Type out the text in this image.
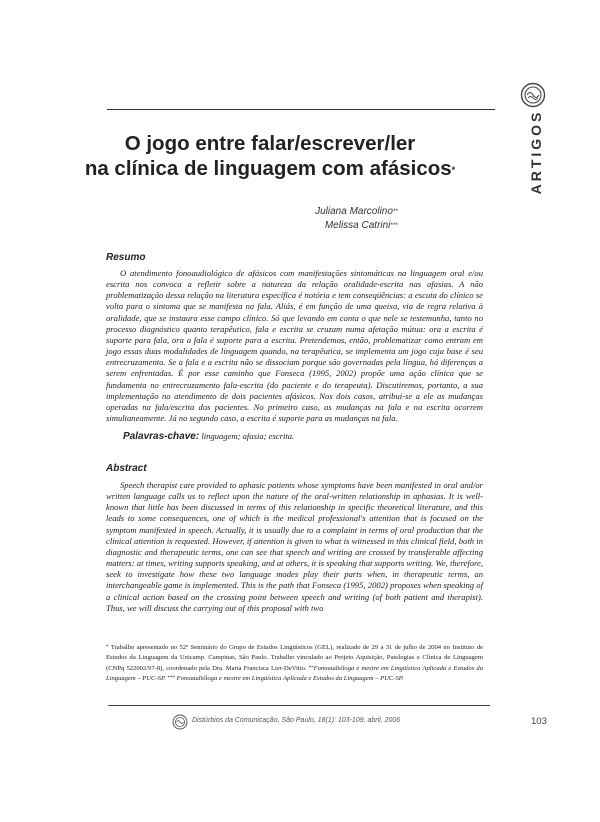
ARTIGOS
O jogo entre falar/escrever/ler
na clínica de linguagem com afásicos*
Juliana Marcolino**
Melissa Catrini***
Resumo

O atendimento fonoaudiológico de afásicos com manifestações sintomáticas na linguagem oral e/ou escrita nos convoca a refletir sobre a natureza da relação oralidade-escrita nas afasias. A não problematização dessa relação na literatura específica é notória e tem conseqüências: a escuta do clínico se volta para o sintoma que se manifesta na fala. Aliás, é em função de uma queixa, via de regra relativa à oralidade, que se instaura esse campo clínico. Só que levando em conta o que nele se testemunha, tanto no processo diagnóstico quanto terapêutico, fala e escrita se cruzam numa afetação mútua: ora a escrita é suporte para fala, ora a fala é suporte para a escrita. Pretendemos, então, problematizar como entram em jogo essas duas modalidades de linguagem quando, na terapêutica, se implementa um jogo cuja base é seu entrecruzamento. Se a fala e a escrita não se dissociam porque são governadas pela língua, há diferenças a serem enfrentadas. É por esse caminho que Fonseca (1995, 2002) propõe uma ação clínica que se fundamenta no entrecruzamento fala-escrita (do paciente e do terapeuta). Discutiremos, portanto, a sua implementação no atendimento de dois pacientes afásicos. Nos dois casos, atribui-se a ele as mudanças operadas na fala/escrita dos pacientes. No primeiro caso, as mudanças na fala e na escrita ocorrem simultaneamente. Já no segundo caso, a escrita é suporte para as mudanças na fala.

Palavras-chave: linguagem; afasia; escrita.
Abstract

Speech therapist care provided to aphasic patients whose symptoms have been manifested in oral and/or written language calls us to reflect upon the nature of the oral-written relationship in aphasias. It is well-known that little has been discussed in terms of this relationship in specific theoretical literature, and this leads to some consequences, one of which is the medical professional's attention that is focused on the symptom manifested in speech. Actually, it is usually due to a complaint in terms of oral production that the clinical attention is requested. However, if attention is given to what is witnessed in this clinical field, both in diagnostic and therapeutic terms, one can see that speech and writing are crossed by transferable affecting matters: at times, writing supports speaking, and at others, it is speaking that supports writing. We, therefore, seek to investigate how these two language modes play their parts when, in therapeutic terms, an interchangeable game is implemented. This is the path that Fonseca (1995, 2002) proposes when speaking of a clinical action based on the crossing point between speech and writing (of both patient and therapist). Thus, we will discuss the carrying out of this proposal with two

* Trabalho apresentado no 52º Seminário do Grupo de Estudos Lingüísticos (GEL), realizado de 29 a 31 de julho de 2004 no Instituto de Estudos da Linguagem da Unicamp. Campinas, São Paulo. Trabalho vinculado ao Projeto Aquisição, Patologias e Clínica de Linguagem (CNPq 522002/97-8), coordenado pela Dra. Maria Francisca Lier-DeVitto. **Fonoaudióloga e mestre em Lingüística Aplicada e Estudos da Linguagem – PUC-SP. *** Fonoaudióloga e mestre em Lingüística Aplicada e Estudos da Linguagem – PUC-SP.
Distúrbios da Comunicação, São Paulo, 18(1): 103-109, abril, 2006	103
